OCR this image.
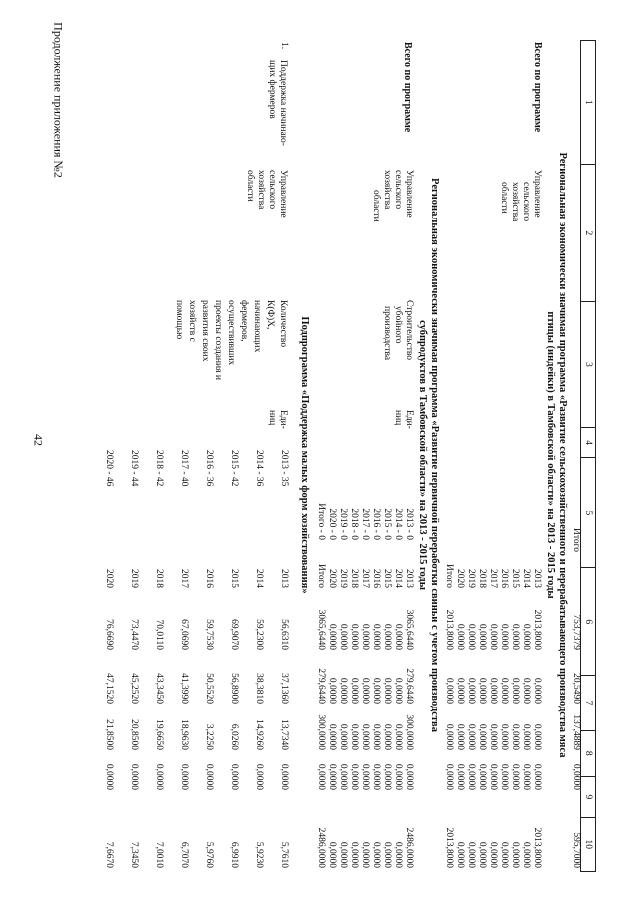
42
Продолжение приложения №2	1
2
3
4
5
6
7
8
9
10
Итого
753,7379
20,5490
137,4889
0,0000
595,7000
Региональная экономически значимая программа «Развитие сельскохозяйственного и перерабатывающего производства мяса
птицы (индейки) в Тамбовской области» на 2013 - 2015 годы
Всего по программе
Управление
сельского
хозяйства
области
2013
2014
2015
2016
2017
2018
2019
2020
Итого
2013,8000
0,0000
0,0000
0,0000
0,0000
0,0000
0,0000
0,0000
2013,8000
0,0000
0,0000
0,0000
0,0000
0,0000
0,0000
0,0000
0,0000
0,0000
0,0000
0,0000
0,0000
0,0000
0,0000
0,0000
0,0000
0,0000
0,0000
0,0000
0,0000
0,0000
0,0000
0,0000
0,0000
0,0000
0,0000
0,0000
2013,8000
0,0000
0,0000
0,0000
0,0000
0,0000
0,0000
0,0000
2013,8000
Региональная экономически значимая программа «Развитие первичной переработки свиньи с учетом производства
субпродуктов в Тамбовской области» на 2013 - 2015 годы
Всего по программе
Управление
сельского
хозяйства
области
Строительство
убойного
производства
Еди-
ниц
2013 - 0
2014 - 0
2015 - 0
2016 - 0
2017 - 0
2018 - 0
2019 - 0
2020 - 0
Итого - 0
2013
2014
2015
2016
2017
2018
2019
2020
Итого
3065,6440
0,0000
0,0000
0,0000
0,0000
0,0000
0,0000
0,0000
3065,6440
279,6440
0,0000
0,0000
0,0000
0,0000
0,0000
0,0000
0,0000
279,6440
300,0000
0,0000
0,0000
0,0000
0,0000
0,0000
0,0000
0,0000
300,0000
0,0000
0,0000
0,0000
0,0000
0,0000
0,0000
0,0000
0,0000
0,0000
2486,0000
0,0000
0,0000
0,0000
0,0000
0,0000
0,0000
0,0000
2486,0000
Подпрограмма «Поддержка малых форм хозяйствования»
1.
Поддержка начинаю-
щих фермеров
Управление
сельского
хозяйства
области
Количество
К(Ф)Х,
начинающих
фермеров,
осуществивших
проекты создания и
развития своих
хозяйств с
помощью
Еди-
ниц
2013 - 35
2013
56,6310
37,1360
13,7340
0,0000
5,7610
2014 - 36
2014
59,2300
38,3810
14,9260
0,0000
5,9230
2015 - 42
2015
69,9070
56,8900
6,0260
0,0000
6,9910
2016 - 36
2016
59,7530
50,5520
3,2250
0,0000
5,9760
2017 - 40
2017
67,0690
41,3990
18,9630
0,0000
6,7070
2018 - 42
2018
70,0110
43,3450
19,6650
0,0000
7,0010
2019 - 44
2019
73,4470
45,2520
20,8500
0,0000
7,3450
2020 - 46
2020
76,6690
47,1520
21,8500
0,0000
7,6670
